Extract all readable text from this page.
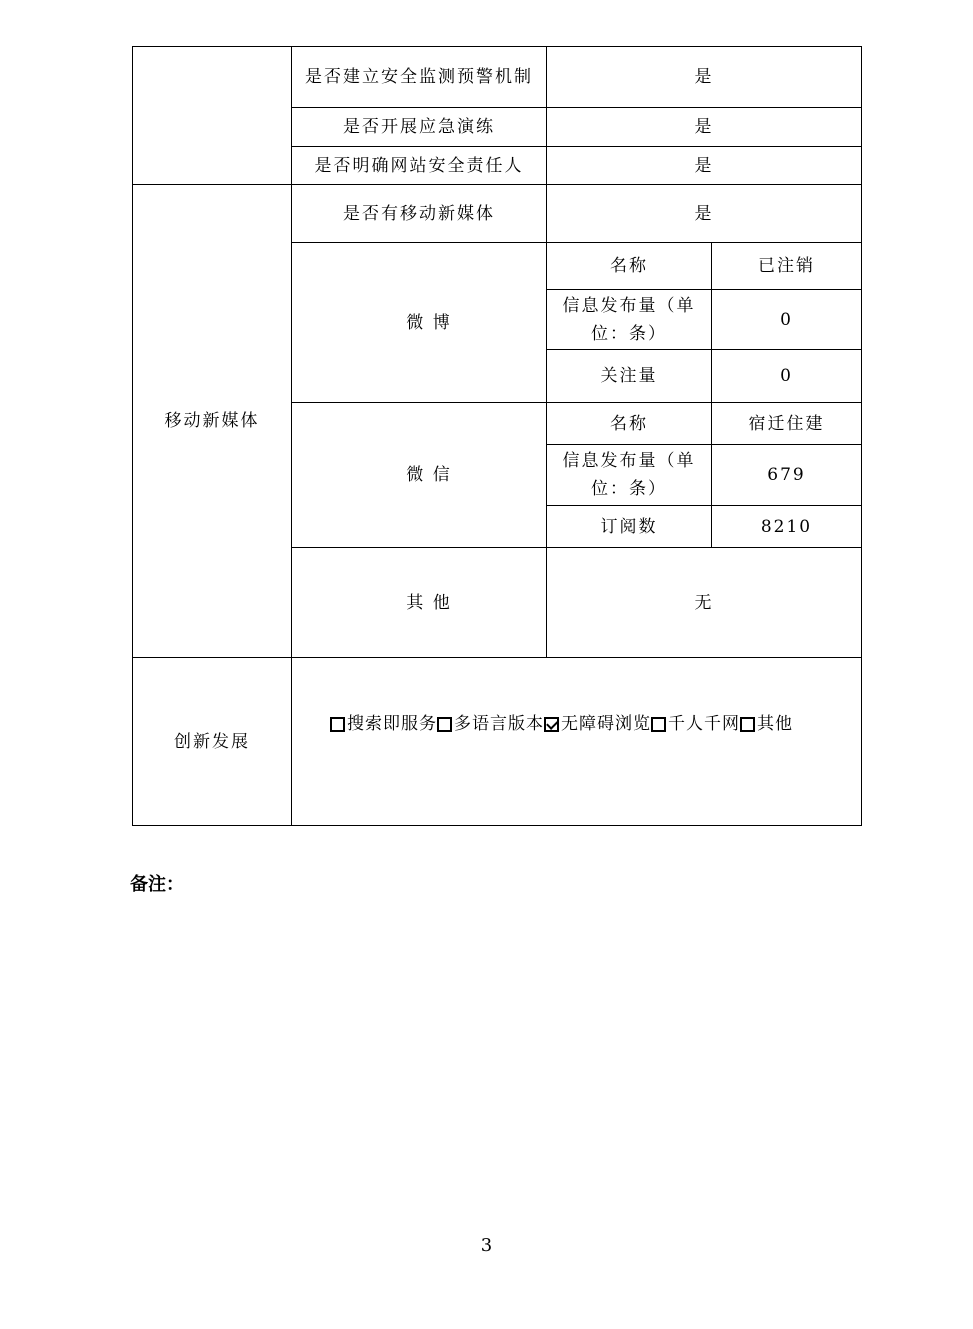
	是否建立安全监测预警机制	是	
	是否开展应急演练	是	
	是否明确网站安全责任人	是	
移动新媒体	是否有移动新媒体	是	
	微 博	名称	已注销
		信息发布量（单位：条）	0
		关注量	0
	微 信	名称	宿迁住建
		信息发布量（单位：条）	679
		订阅数	8210
	其 他	无	
创新发展	搜索即服务 多语言版本 无障碍浏览 千人千网 其他		
备注：
3
